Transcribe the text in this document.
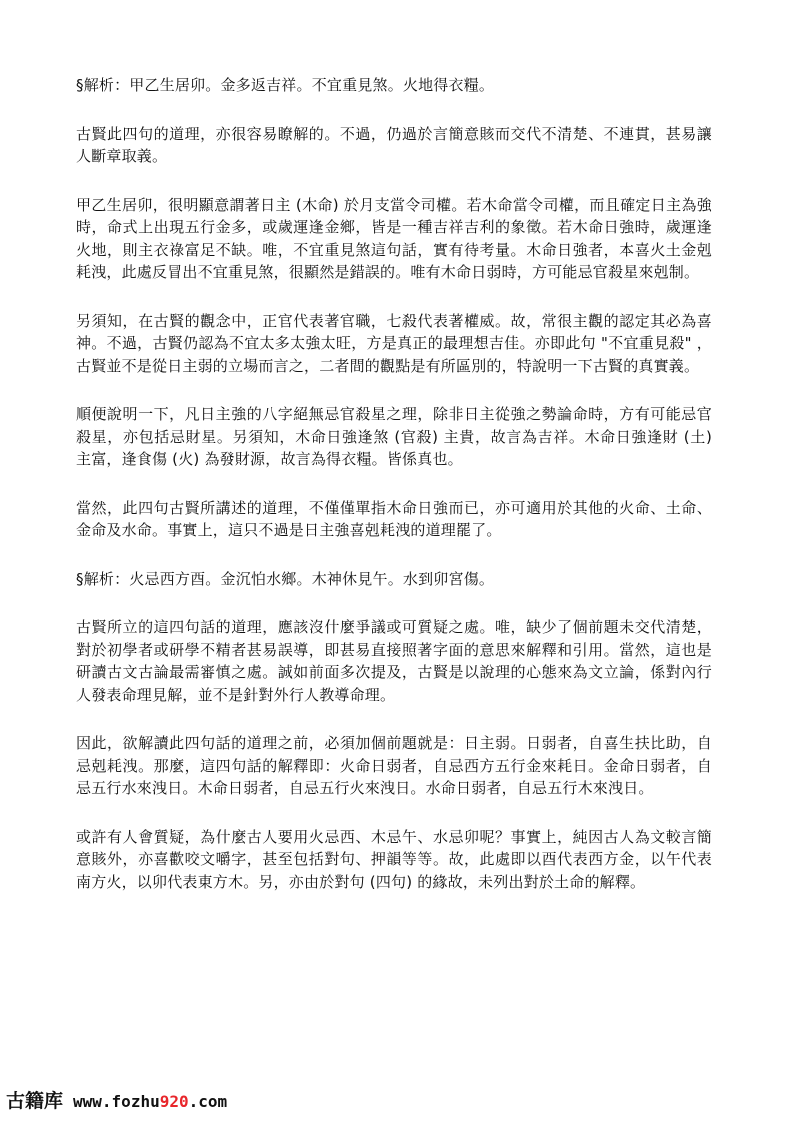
§解析：甲乙生居卯。金多返吉祥。不宜重見煞。火地得衣糧。

古賢此四句的道理，亦很容易瞭解的。不過，仍過於言簡意賅而交代不清楚、不連貫，甚易讓人斷章取義。

甲乙生居卯，很明顯意謂著日主 (木命) 於月支當令司權。若木命當令司權，而且確定日主為強時，命式上出現五行金多，或歲運逢金鄉，皆是一種吉祥吉利的象徵。若木命日強時，歲運逢火地，則主衣祿富足不缺。唯，不宜重見煞這句話，實有待考量。木命日強者，本喜火土金剋耗洩，此處反冒出不宜重見煞，很顯然是錯誤的。唯有木命日弱時，方可能忌官殺星來剋制。

另須知，在古賢的觀念中，正官代表著官職，七殺代表著權威。故，常很主觀的認定其必為喜神。不過，古賢仍認為不宜太多太強太旺，方是真正的最理想吉佳。亦即此句 "不宜重見殺" ，古賢並不是從日主弱的立場而言之，二者間的觀點是有所區別的，特說明一下古賢的真實義。

順便說明一下，凡日主強的八字絕無忌官殺星之理，除非日主從強之勢論命時，方有可能忌官殺星，亦包括忌財星。另須知，木命日強逢煞 (官殺) 主貴，故言為吉祥。木命日強逢財 (土) 主富，逢食傷 (火) 為發財源，故言為得衣糧。皆係真也。

當然，此四句古賢所講述的道理，不僅僅單指木命日強而已，亦可適用於其他的火命、土命、金命及水命。事實上，這只不過是日主強喜剋耗洩的道理罷了。

§解析：火忌西方酉。金沉怕水鄉。木神休見午。水到卯宮傷。

古賢所立的這四句話的道理，應該沒什麼爭議或可質疑之處。唯，缺少了個前題未交代清楚，對於初學者或研學不精者甚易誤導，即甚易直接照著字面的意思來解釋和引用。當然，這也是研讀古文古論最需審慎之處。誠如前面多次提及，古賢是以說理的心態來為文立論，係對內行人發表命理見解，並不是針對外行人教導命理。

因此，欲解讀此四句話的道理之前，必須加個前題就是：日主弱。日弱者，自喜生扶比助，自忌剋耗洩。那麼，這四句話的解釋即：火命日弱者，自忌西方五行金來耗日。金命日弱者，自忌五行水來洩日。木命日弱者，自忌五行火來洩日。水命日弱者，自忌五行木來洩日。

或許有人會質疑，為什麼古人要用火忌西、木忌午、水忌卯呢？事實上，純因古人為文較言簡意賅外，亦喜歡咬文嚼字，甚至包括對句、押韻等等。故，此處即以酉代表西方金，以午代表南方火，以卯代表東方木。另，亦由於對句 (四句) 的緣故，未列出對於土命的解釋。

古籍库 www.fozhu 920 .com
